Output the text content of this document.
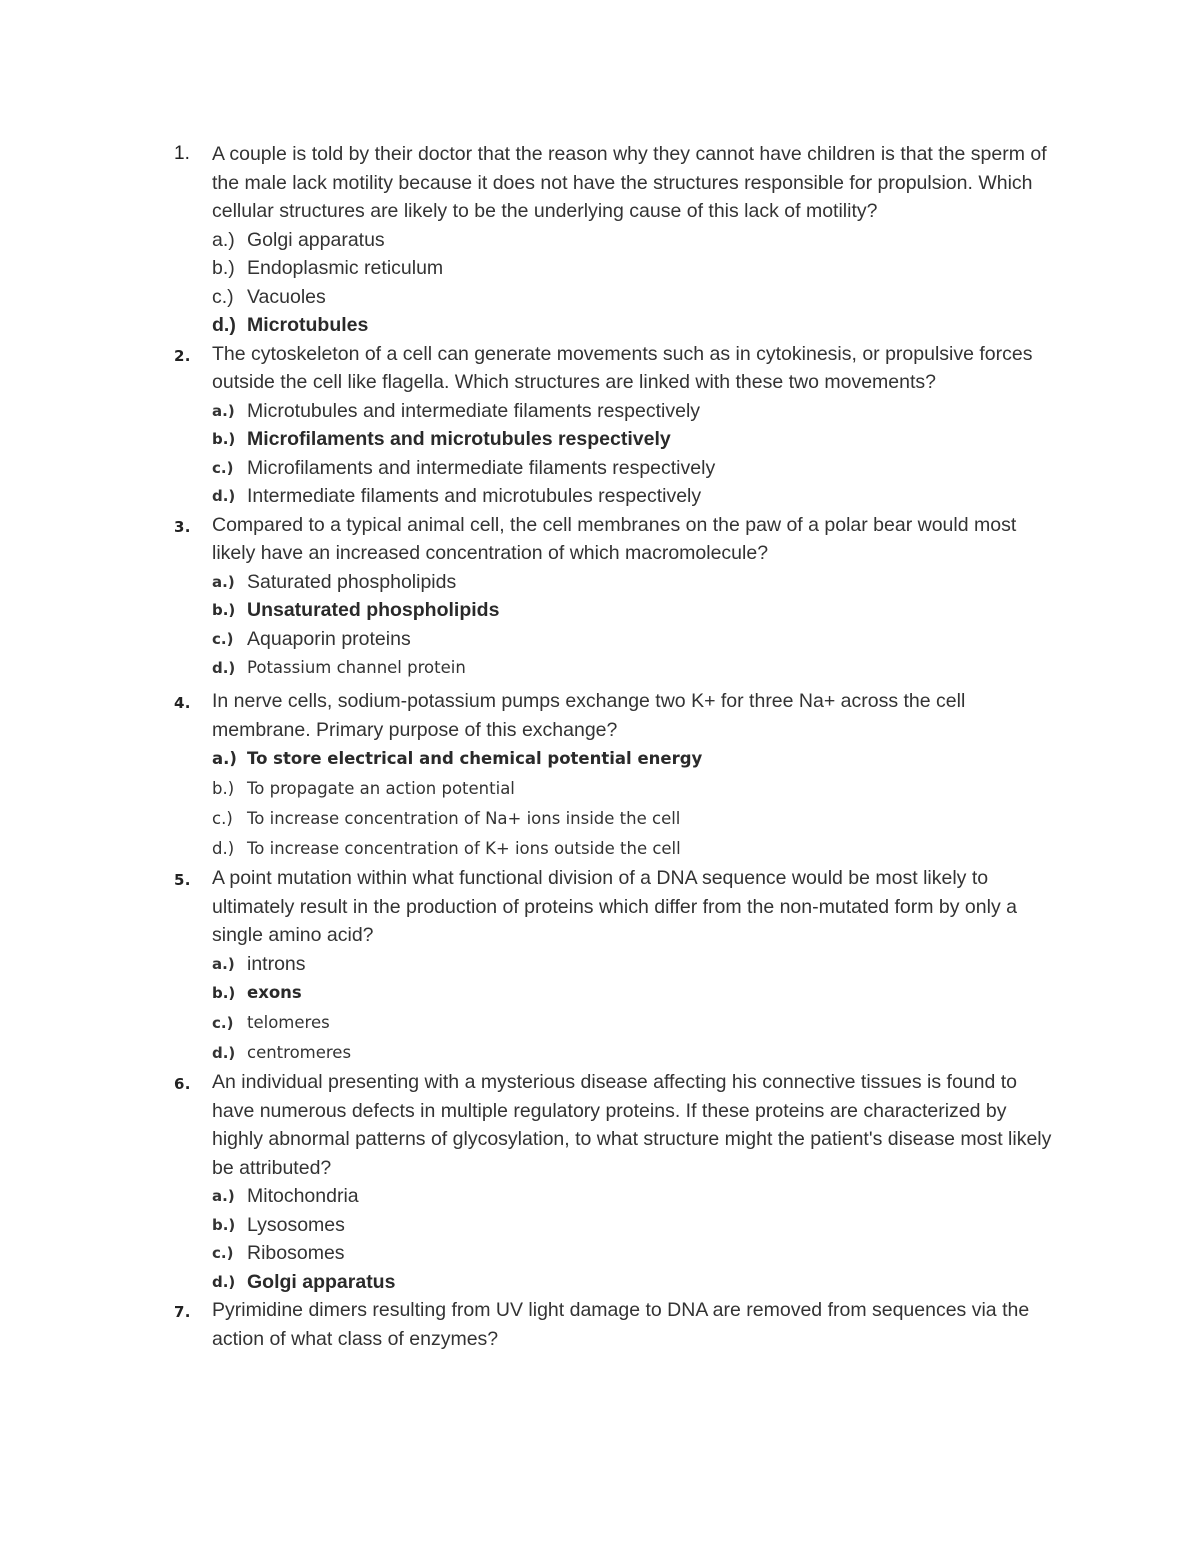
1. A couple is told by their doctor that the reason why they cannot have children is that the sperm of the male lack motility because it does not have the structures responsible for propulsion. Which cellular structures are likely to be the underlying cause of this lack of motility?
a.) Golgi apparatus
b.) Endoplasmic reticulum
c.) Vacuoles
d.) Microtubules
2. The cytoskeleton of a cell can generate movements such as in cytokinesis, or propulsive forces outside the cell like flagella. Which structures are linked with these two movements?
a.) Microtubules and intermediate filaments respectively
b.) Microfilaments and microtubules respectively
c.) Microfilaments and intermediate filaments respectively
d.) Intermediate filaments and microtubules respectively
3. Compared to a typical animal cell, the cell membranes on the paw of a polar bear would most likely have an increased concentration of which macromolecule?
a.) Saturated phospholipids
b.) Unsaturated phospholipids
c.) Aquaporin proteins
d.) Potassium channel protein
4. In nerve cells, sodium-potassium pumps exchange two K+ for three Na+ across the cell membrane. Primary purpose of this exchange?
a.) To store electrical and chemical potential energy
b.) To propagate an action potential
c.) To increase concentration of Na+ ions inside the cell
d.) To increase concentration of K+ ions outside the cell
5. A point mutation within what functional division of a DNA sequence would be most likely to ultimately result in the production of proteins which differ from the non-mutated form by only a single amino acid?
a.) introns
b.) exons
c.) telomeres
d.) centromeres
6. An individual presenting with a mysterious disease affecting his connective tissues is found to have numerous defects in multiple regulatory proteins. If these proteins are characterized by highly abnormal patterns of glycosylation, to what structure might the patient's disease most likely be attributed?
a.) Mitochondria
b.) Lysosomes
c.) Ribosomes
d.) Golgi apparatus
7. Pyrimidine dimers resulting from UV light damage to DNA are removed from sequences via the action of what class of enzymes?
